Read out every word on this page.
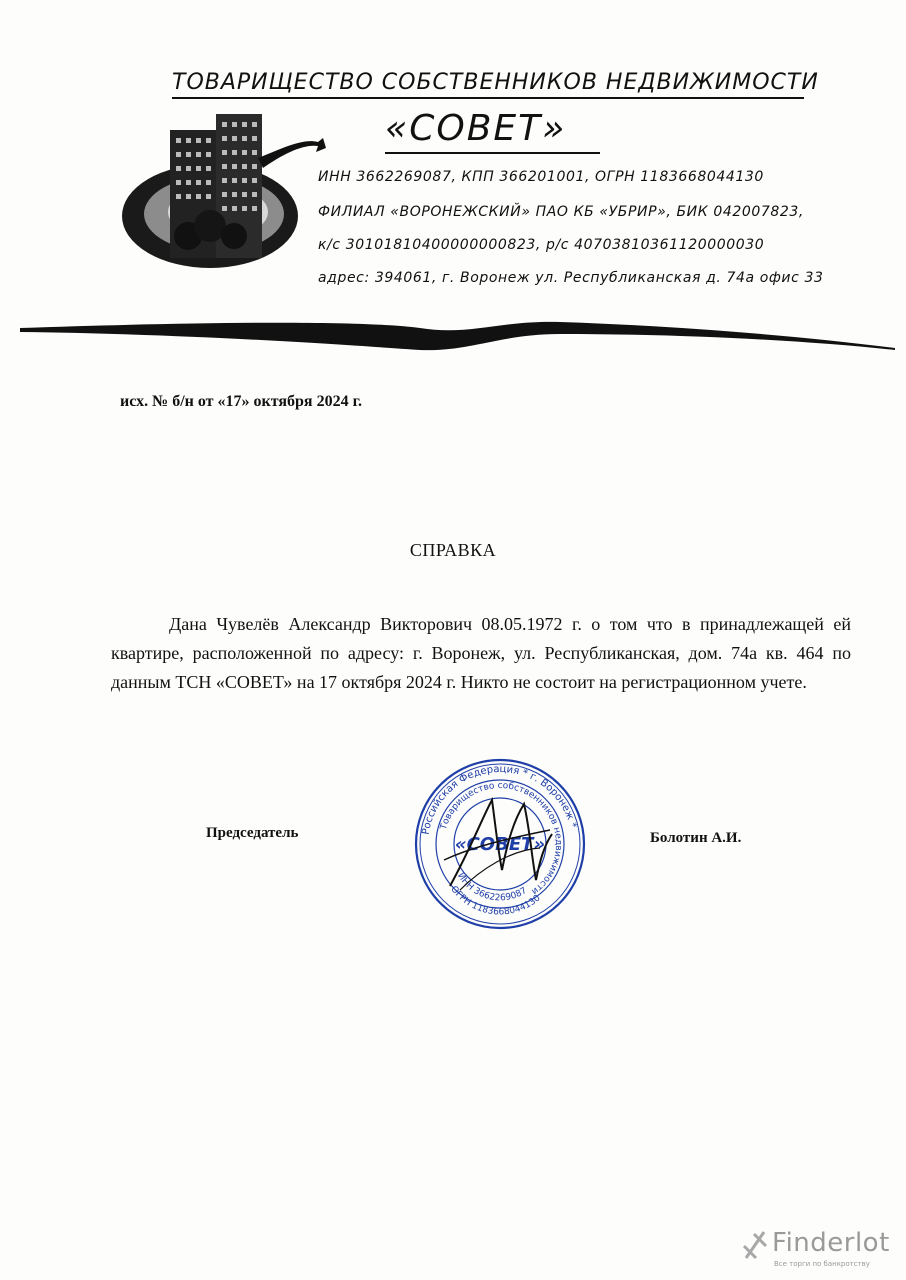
ТОВАРИЩЕСТВО СОБСТВЕННИКОВ НЕДВИЖИМОСТИ
«СОВЕТ»
ИНН 3662269087, КПП 366201001, ОГРН 1183668044130
ФИЛИАЛ «ВОРОНЕЖСКИЙ» ПАО КБ «УБРИР», БИК 042007823,
к/с 30101810400000000823, р/с 40703810361120000030
адрес: 394061, г. Воронеж ул. Республиканская д. 74а офис 33
исх. № б/н от «17» октября 2024 г.
СПРАВКА
Дана Чувелёв Александр Викторович 08.05.1972 г. о том что в принадлежащей ей квартире, расположенной по адресу: г. Воронеж, ул. Республиканская, дом. 74а кв. 464 по данным ТСН «СОВЕТ» на 17 октября 2024 г. Никто не состоит на регистрационном учете.
Председатель	Болотин А.И.
Российская Федерация * г. Воронеж *
Товарищество собственников недвижимости
ИНН 3662269087
ОГРН 1183668044130
«СОВЕТ»
Finderlot
Все торги по банкротству
